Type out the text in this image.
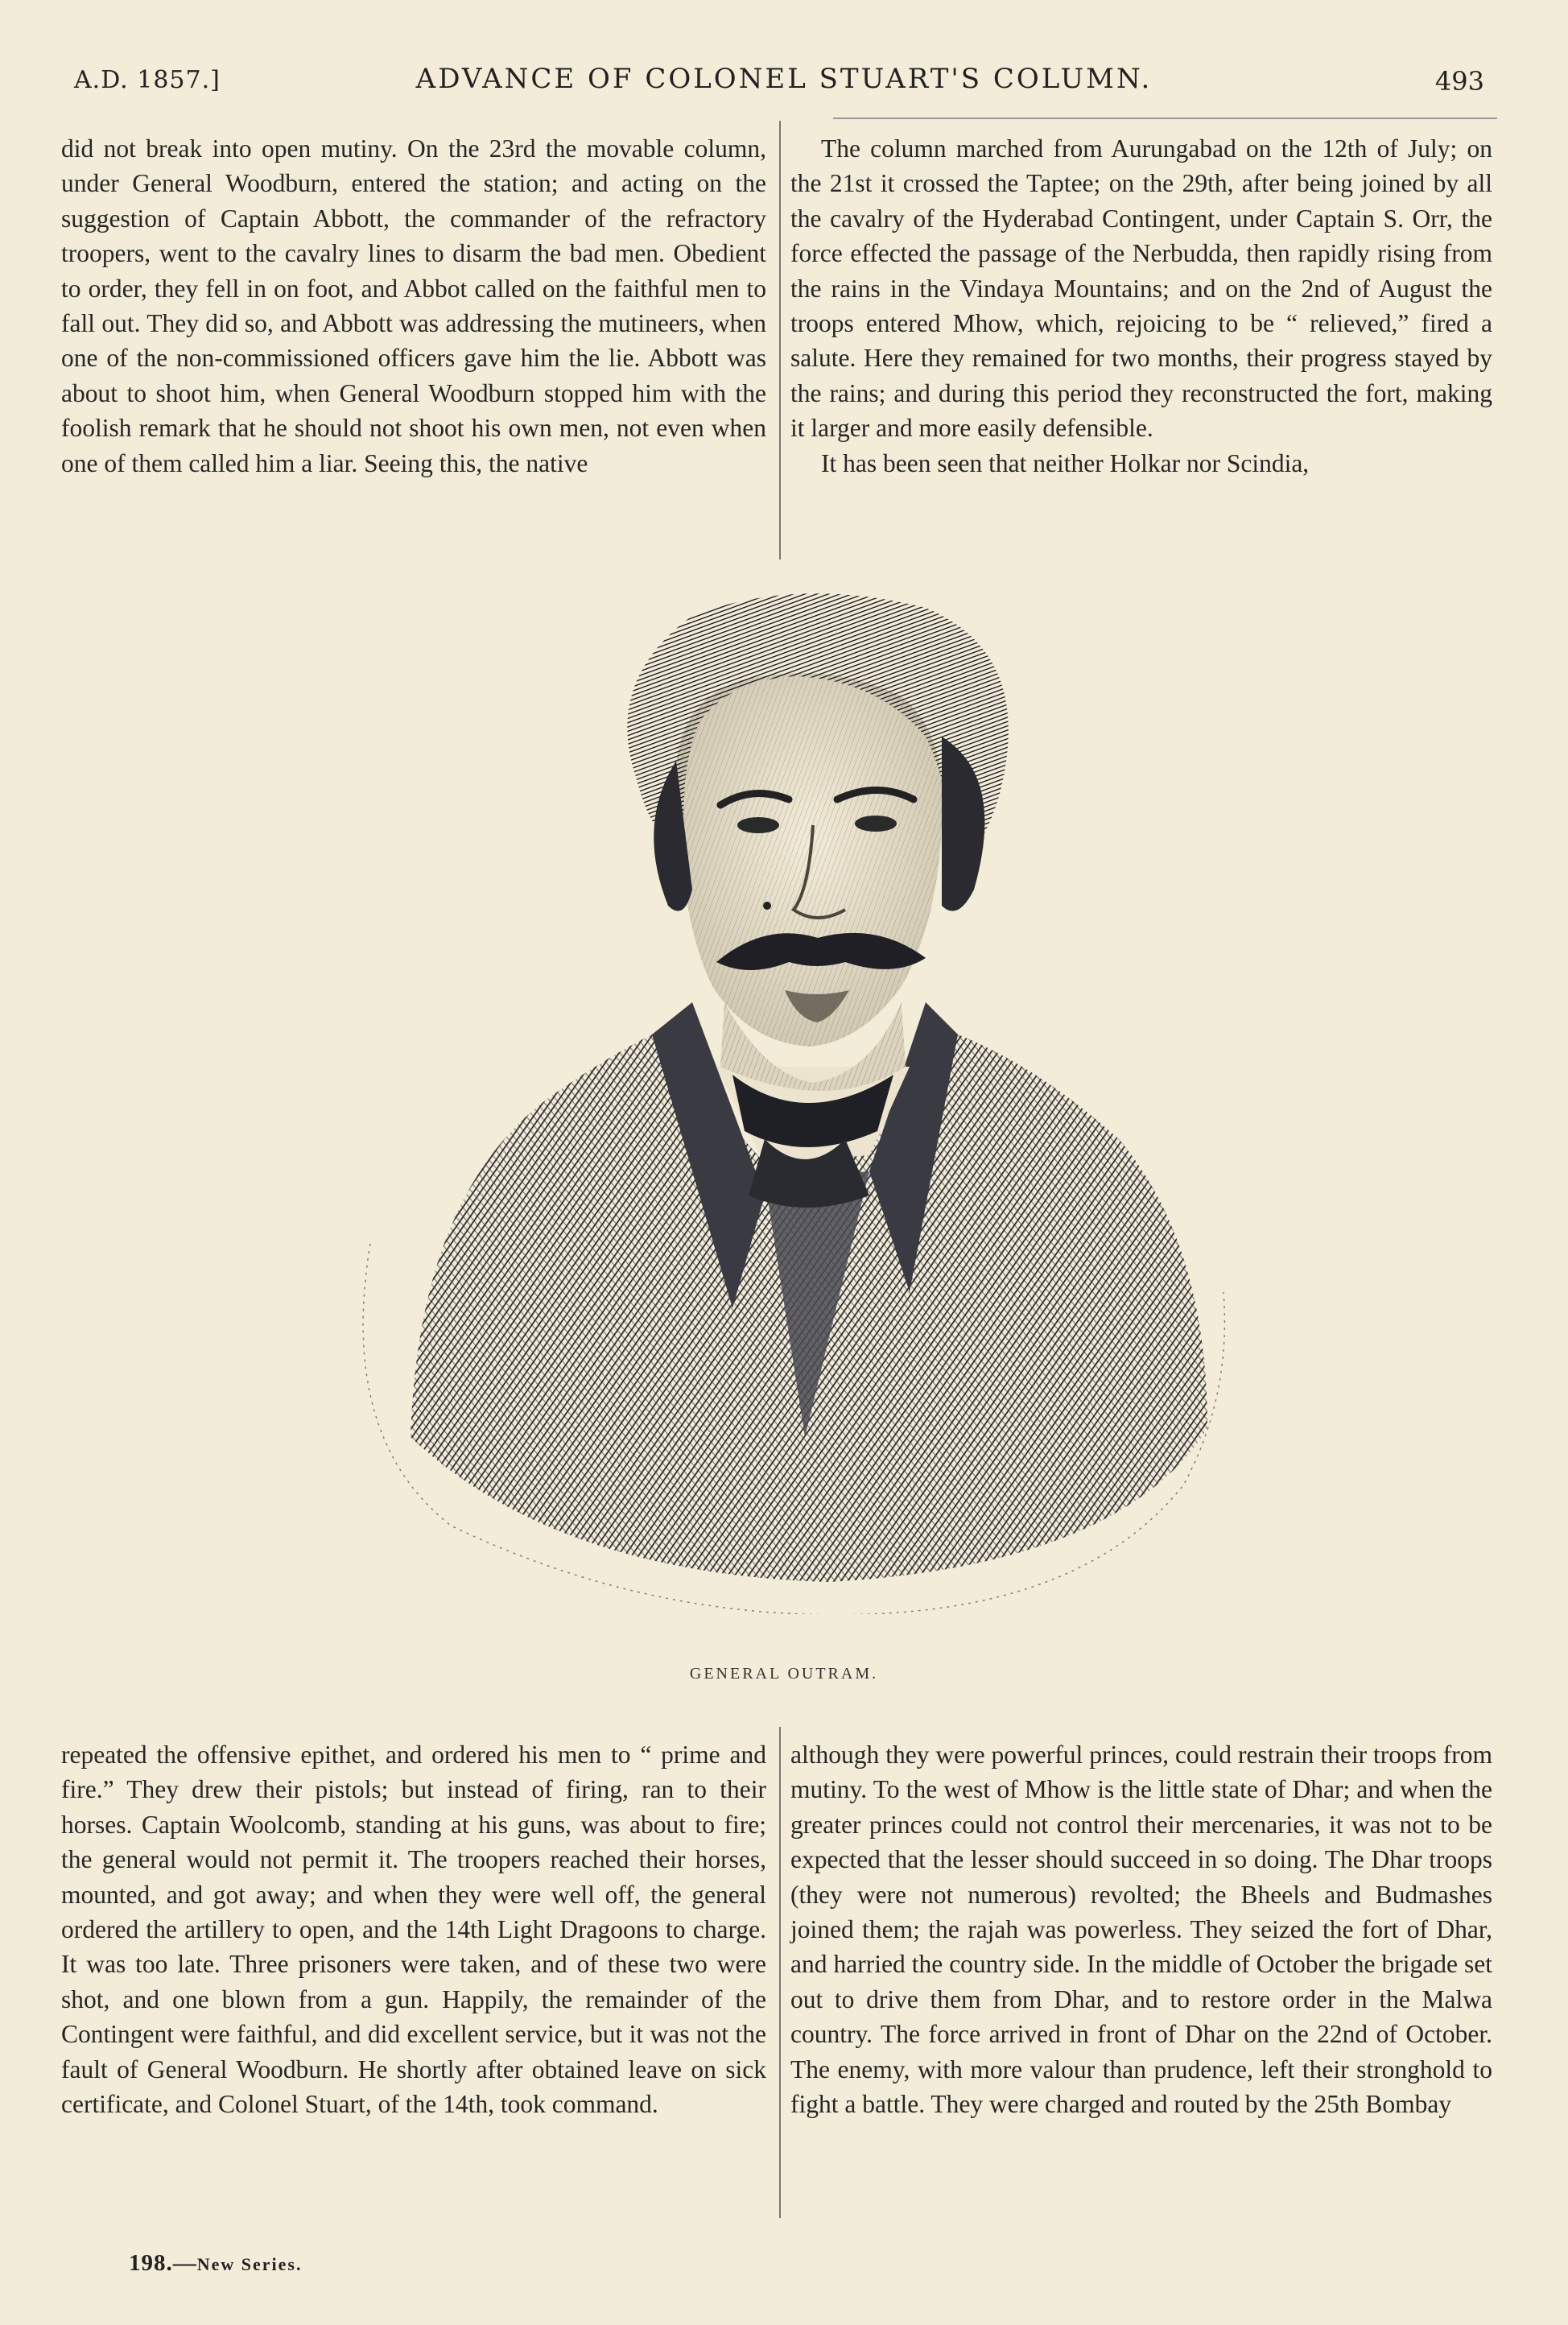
A.D. 1857.]	ADVANCE OF COLONEL STUART'S COLUMN.	493

did not break into open mutiny. On the 23rd the movable column, under General Woodburn, entered the station; and acting on the suggestion of Captain Abbott, the commander of the refractory troopers, went to the cavalry lines to disarm the bad men. Obedient to order, they fell in on foot, and Abbot called on the faithful men to fall out. They did so, and Abbott was addressing the mutineers, when one of the non-commissioned officers gave him the lie. Abbott was about to shoot him, when General Woodburn stopped him with the foolish remark that he should not shoot his own men, not even when one of them called him a liar. Seeing this, the native

The column marched from Aurungabad on the 12th of July; on the 21st it crossed the Taptee; on the 29th, after being joined by all the cavalry of the Hyderabad Contingent, under Captain S. Orr, the force effected the passage of the Nerbudda, then rapidly rising from the rains in the Vindaya Mountains; and on the 2nd of August the troops entered Mhow, which, rejoicing to be “ relieved,” fired a salute. Here they remained for two months, their progress stayed by the rains; and during this period they reconstructed the fort, making it larger and more easily defensible.

It has been seen that neither Holkar nor Scindia,

GENERAL OUTRAM.

repeated the offensive epithet, and ordered his men to “ prime and fire.” They drew their pistols; but instead of firing, ran to their horses. Captain Woolcomb, standing at his guns, was about to fire; the general would not permit it. The troopers reached their horses, mounted, and got away; and when they were well off, the general ordered the artillery to open, and the 14th Light Dragoons to charge. It was too late. Three prisoners were taken, and of these two were shot, and one blown from a gun. Happily, the remainder of the Contingent were faithful, and did excellent service, but it was not the fault of General Woodburn. He shortly after obtained leave on sick certificate, and Colonel Stuart, of the 14th, took command.

although they were powerful princes, could restrain their troops from mutiny. To the west of Mhow is the little state of Dhar; and when the greater princes could not control their mercenaries, it was not to be expected that the lesser should succeed in so doing. The Dhar troops (they were not numerous) revolted; the Bheels and Budmashes joined them; the rajah was powerless. They seized the fort of Dhar, and harried the country side. In the middle of October the brigade set out to drive them from Dhar, and to restore order in the Malwa country. The force arrived in front of Dhar on the 22nd of October. The enemy, with more valour than prudence, left their stronghold to fight a battle. They were charged and routed by the 25th Bombay

198.—New Series.
